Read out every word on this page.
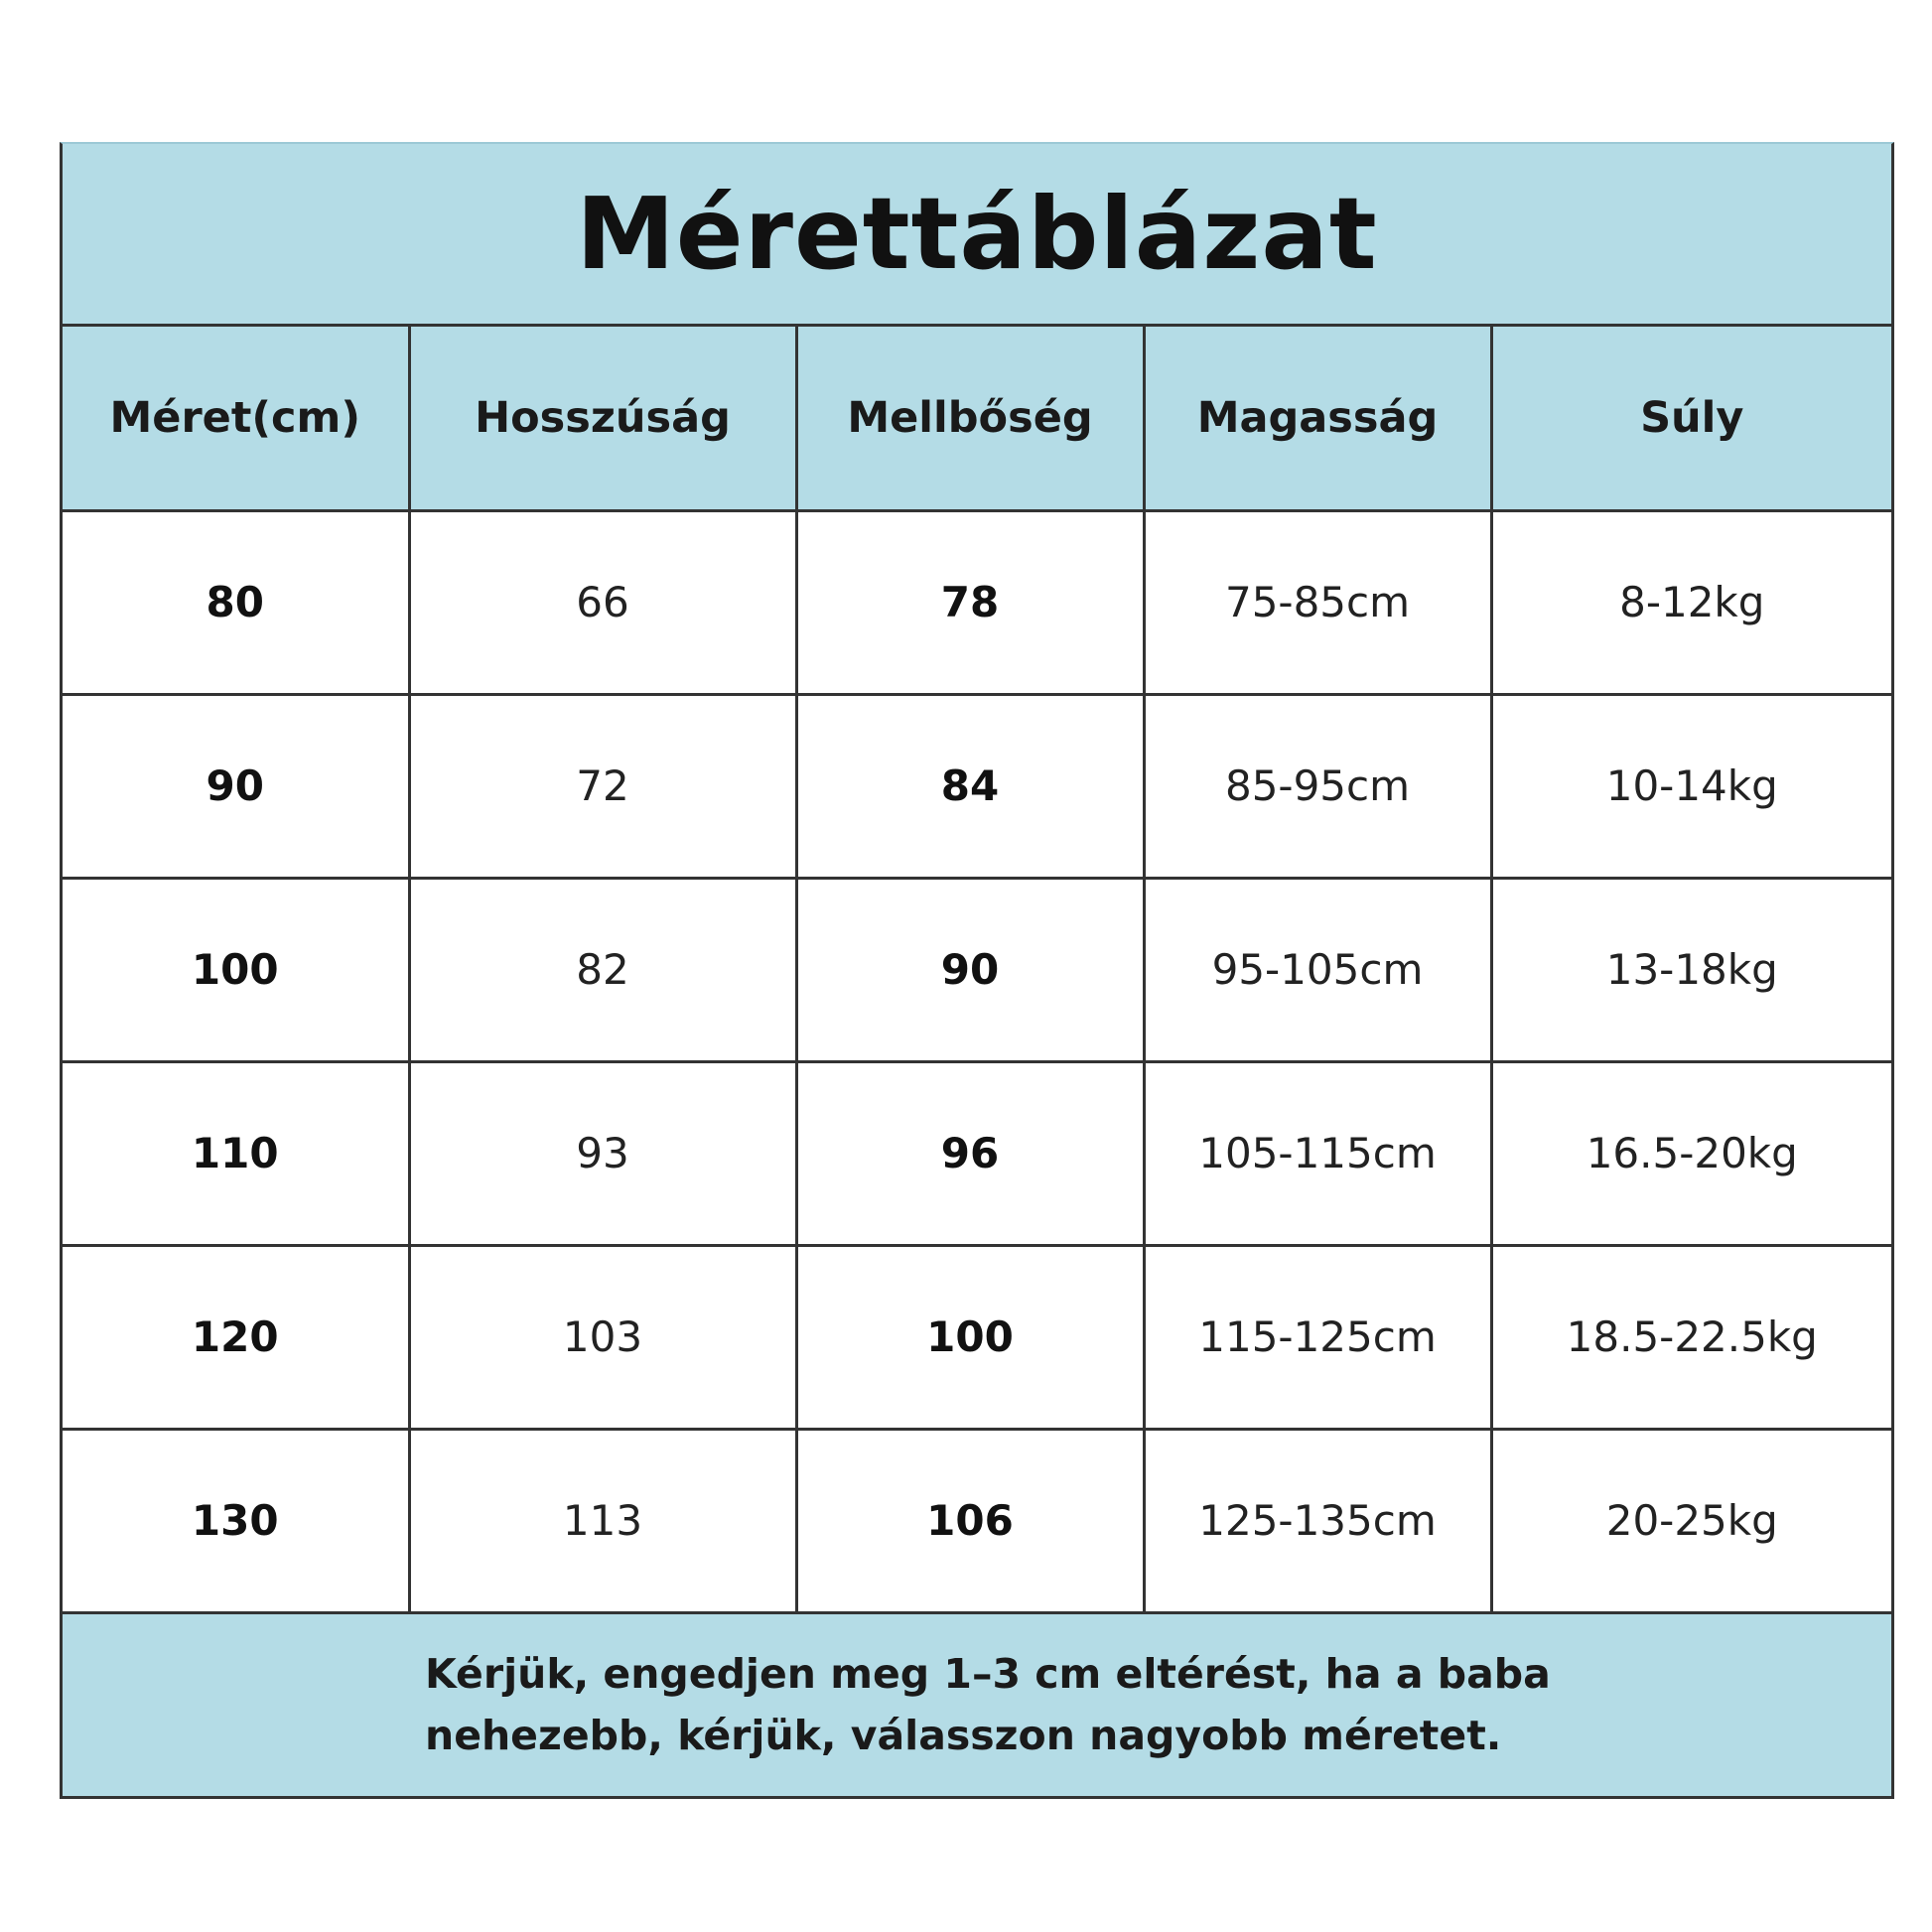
Mérettáblázat
Méret(cm)	Hosszúság	Mellbőség	Magasság	Súly
80	66	78	75-85cm	8-12kg
90	72	84	85-95cm	10-14kg
100	82	90	95-105cm	13-18kg
110	93	96	105-115cm	16.5-20kg
120	103	100	115-125cm	18.5-22.5kg
130	113	106	125-135cm	20-25kg

Kérjük, engedjen meg 1–3 cm eltérést, ha a baba
nehezebb, kérjük, válasszon nagyobb méretet.
